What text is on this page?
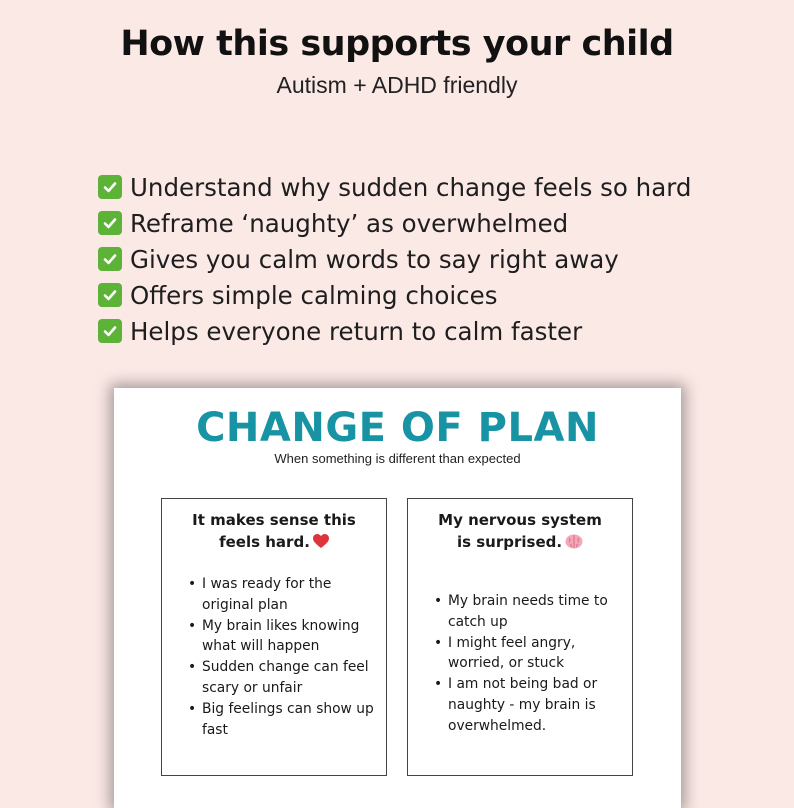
How this supports your child
Autism + ADHD friendly
Understand why sudden change feels so hard
Reframe ‘naughty’ as overwhelmed
Gives you calm words to say right away
Offers simple calming choices
Helps everyone return to calm faster
CHANGE OF PLAN
When something is different than expected
It makes sense this
feels hard.
• I was ready for the original plan
• My brain likes knowing what will happen
• Sudden change can feel scary or unfair
• Big feelings can show up fast
My nervous system
is surprised.
• My brain needs time to catch up
• I might feel angry, worried, or stuck
• I am not being bad or naughty - my brain is overwhelmed.
